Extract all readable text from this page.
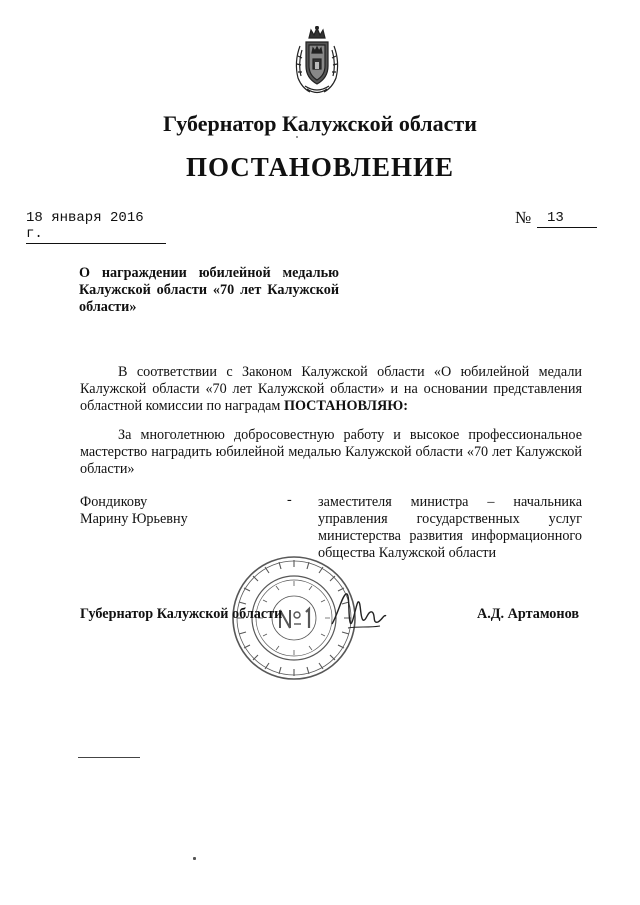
Губернатор Калужской области
ПОСТАНОВЛЕНИЕ
18 января 2016 г.
№	13
О награждении юбилейной медалью Калужской области «70 лет Калужской области»
В соответствии с Законом Калужской области «О юбилейной медали Калужской области «70 лет Калужской области» и на основании представления областной комиссии по наградам ПОСТАНОВЛЯЮ:
За многолетнюю добросовестную работу и высокое профессиональное мастерство наградить юбилейной медалью Калужской области «70 лет Калужской области»
Фондикову
Марину Юрьевну
- заместителя министра – начальника управления государственных услуг министерства развития информационного общества Калужской области
Губернатор Калужской области	А.Д. Артамонов
